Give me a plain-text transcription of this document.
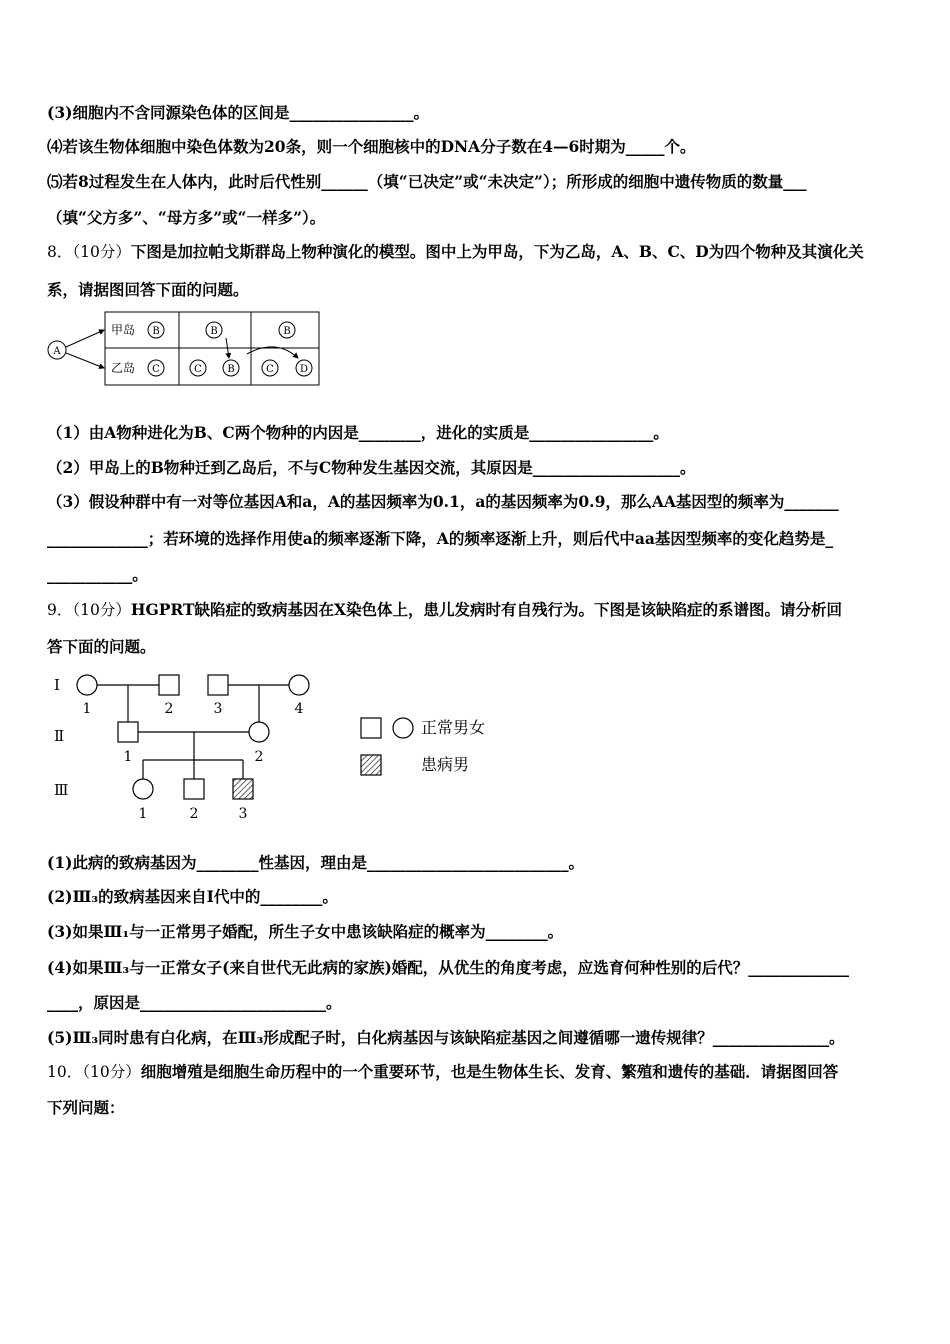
(3)细胞内不含同源染色体的区间是________________。
⑷若该生物体细胞中染色体数为20条，则一个细胞核中的DNA分子数在4—6时期为_____个。
⑸若8过程发生在人体内，此时后代性别______（填“已决定”或“未决定”）；所形成的细胞中遗传物质的数量___
（填“父方多”、“母方多”或“一样多”）。
8．（10分）下图是加拉帕戈斯群岛上物种演化的模型。图中上为甲岛，下为乙岛，A、B、C、D为四个物种及其演化关
系，请据图回答下面的问题。
A
甲岛
乙岛
B
C
B
C	B
B
C	D
（1）由A物种进化为B、C两个物种的内因是________，进化的实质是________________。
（2）甲岛上的B物种迁到乙岛后，不与C物种发生基因交流，其原因是___________________。
（3）假设种群中有一对等位基因A和a，A的基因频率为0.1，a的基因频率为0.9，那么AA基因型的频率为_______
_____________；若环境的选择作用使a的频率逐渐下降，A的频率逐渐上升，则后代中aa基因型频率的变化趋势是_
___________。
9．（10分）HGPRT缺陷症的致病基因在X染色体上，患儿发病时有自残行为。下图是该缺陷症的系谱图。请分析回
答下面的问题。
Ⅰ
Ⅱ
Ⅲ
1	2	3	4
1	2
1	2	3
正常男女
患病男
(1)此病的致病基因为________性基因，理由是__________________________。
(2)Ⅲ₃的致病基因来自Ⅰ代中的________。
(3)如果Ⅲ₁与一正常男子婚配，所生子女中患该缺陷症的概率为________。
(4)如果Ⅲ₃与一正常女子(来自世代无此病的家族)婚配，从优生的角度考虑，应选育何种性别的后代？_____________
____，原因是________________________。
(5)Ⅲ₃同时患有白化病，在Ⅲ₃形成配子时，白化病基因与该缺陷症基因之间遵循哪一遗传规律？_______________。
10．（10分）细胞增殖是细胞生命历程中的一个重要环节，也是生物体生长、发育、繁殖和遗传的基础．请据图回答
下列问题：
